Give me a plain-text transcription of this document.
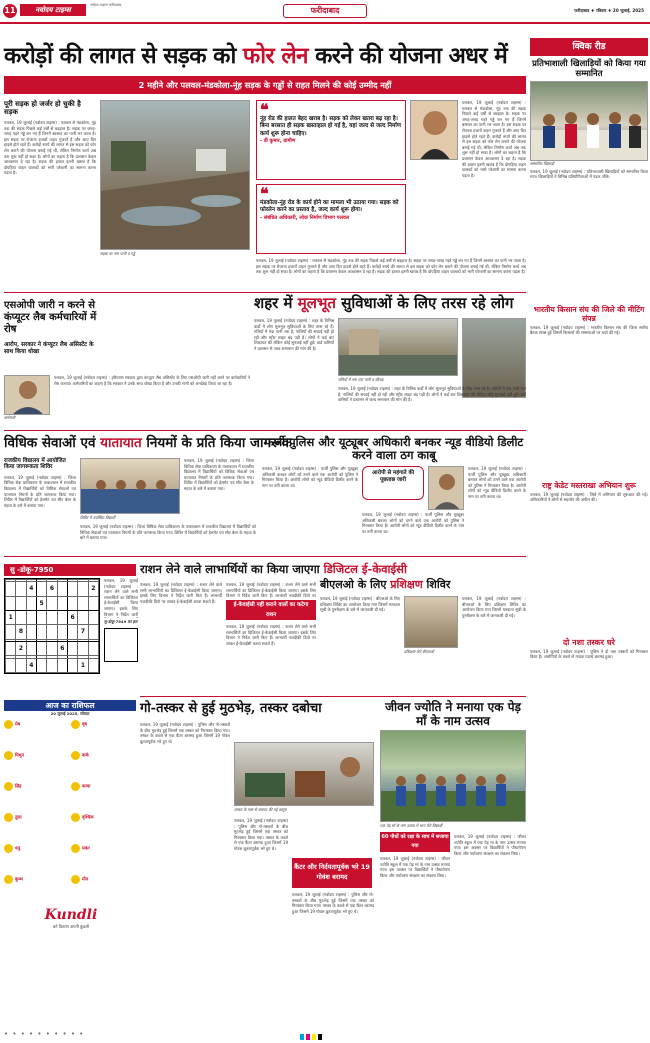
11	नवोदय टाइम्स
नवोदय टाइम्स फरीदाबाद
फरीदाबाद	फरीदाबाद ♦ रविवार ♦ 20 जुलाई, 2025
करोड़ों की लागत से सड़क को फोर लेन करने की योजना अधर में
2 महीने और पलवल-मंडकोला-नूंह सड़क के गड्ढों से राहत मिलने की कोई उम्मीद नहीं
पूरी सड़क हो जर्जर हो चुकी है सड़क
पलवल, 19 जुलाई (नवोदय टाइम्स) : पलवल से मंडकोला, नूंह तक की सड़क पिछले कई वर्षों से बदहाल है। सड़क पर जगह-जगह गहरे गड्ढे बन गए हैं जिनमें बरसात का पानी भर जाता है। इस सड़क पर रोजाना हजारों वाहन गुजरते हैं और आए दिन हादसे होते रहते हैं। करोड़ों रुपये की लागत से इस सड़क को फोर लेन बनाने की योजना बनाई गई थी, लेकिन निर्माण कार्य अब तक शुरू नहीं हो सका है। लोगों का कहना है कि प्रशासन केवल आश्वासन दे रहा है। सड़क की हालत इतनी खराब है कि दोपहिया वाहन चालकों को भारी परेशानी का सामना करना पड़ता है।
सड़क पर भरा पानी व गड्ढे
❝
नूंह रोड की हालत बेहद खराब है। सड़क को लेकर खतरा बढ़ रहा है। बिना बरसात ही सड़क खस्ताहाल हो गई है, यहां जल्द से जल्द निर्माण कार्य शुरू होना चाहिए।
- डी कुमार, ग्रामीण
❝
मंडकोला-नूंह रोड के कार्य होने का मामला भी उठाया गया। सड़क को फोरलेन करने का प्रस्ताव है, जल्द कार्य शुरू होगा।
- संबंधित अधिकारी, लोक निर्माण विभाग पलवल
पलवल, 19 जुलाई (नवोदय टाइम्स) : पलवल से मंडकोला, नूंह तक की सड़क पिछले कई वर्षों से बदहाल है। सड़क पर जगह-जगह गहरे गड्ढे बन गए हैं जिनमें बरसात का पानी भर जाता है। इस सड़क पर रोजाना हजारों वाहन गुजरते हैं और आए दिन हादसे होते रहते हैं। करोड़ों रुपये की लागत से इस सड़क को फोर लेन बनाने की योजना बनाई गई थी, लेकिन निर्माण कार्य अब तक शुरू नहीं हो सका है। लोगों का कहना है कि प्रशासन केवल आश्वासन दे रहा है। सड़क की हालत इतनी खराब है कि दोपहिया वाहन चालकों को भारी परेशानी का सामना करना पड़ता है।
पलवल, 19 जुलाई (नवोदय टाइम्स) : पलवल से मंडकोला, नूंह तक की सड़क पिछले कई वर्षों से बदहाल है। सड़क पर जगह-जगह गहरे गड्ढे बन गए हैं जिनमें बरसात का पानी भर जाता है। इस सड़क पर रोजाना हजारों वाहन गुजरते हैं और आए दिन हादसे होते रहते हैं। करोड़ों रुपये की लागत से इस सड़क को फोर लेन बनाने की योजना बनाई गई थी, लेकिन निर्माण कार्य अब तक शुरू नहीं हो सका है। लोगों का कहना है कि प्रशासन केवल आश्वासन दे रहा है। सड़क की हालत इतनी खराब है कि दोपहिया वाहन चालकों को भारी परेशानी का सामना करना पड़ता है।
क्विक रीड
प्रतिभाशाली खिलाड़ियों को किया गया सम्मानित
सम्मानित खिलाड़ी
पलवल, 19 जुलाई (नवोदय टाइम्स) : प्रतिभाशाली खिलाड़ियों को सम्मानित किया गया। खिलाड़ियों ने विभिन्न प्रतियोगिताओं में पदक जीते।
भारतीय किसान संघ की जिले की मीटिंग संपन्न
पलवल, 19 जुलाई (नवोदय टाइम्स) : भारतीय किसान संघ की जिला स्तरीय बैठक संपन्न हुई जिसमें किसानों की समस्याओं पर चर्चा की गई।
राष्ट्र केडेट मस्तराखा अभियान शुरू
पलवल, 19 जुलाई (नवोदय टाइम्स) : जिले में अभियान की शुरुआत की गई। अधिकारियों ने लोगों से सहयोग की अपील की।
दो नशा तस्कर धरे
पलवल, 19 जुलाई (नवोदय टाइम्स) : पुलिस ने दो नशा तस्करों को गिरफ्तार किया है। आरोपियों के कब्जे से मादक पदार्थ बरामद हुआ।
एसओपी जारी न करने से कंप्यूटर लैब कर्मचारियों में रोष
आरोप, सरकार ने कंप्यूटर लैब असिस्टेंट के साथ किया धोखा
कर्मचारी
पलवल, 19 जुलाई (नवोदय टाइम्स) : हरियाणा सरकार द्वारा कंप्यूटर लैब असिस्टेंट के लिए एसओपी जारी नहीं करने पर कर्मचारियों ने रोष जताया। कर्मचारियों का कहना है कि सरकार ने उनके साथ धोखा किया है और उनकी मांगों को अनदेखा किया जा रहा है।
शहर में मूलभूत सुविधाओं के लिए तरस रहे लोग
पलवल, 19 जुलाई (नवोदय टाइम्स) : शहर के विभिन्न वार्डों में लोग मूलभूत सुविधाओं के लिए तरस रहे हैं। गलियों में गंदा पानी भरा है, नालियों की सफाई नहीं हो रही और स्ट्रीट लाइट बंद पड़ी हैं। लोगों ने कई बार शिकायत की लेकिन कोई सुनवाई नहीं हुई। वार्ड वासियों ने प्रशासन से जल्द समाधान की मांग की है।
गलियों में भरा गंदा पानी व कीचड़
पलवल, 19 जुलाई (नवोदय टाइम्स) : शहर के विभिन्न वार्डों में लोग मूलभूत सुविधाओं के लिए तरस रहे हैं। गलियों में गंदा पानी भरा है, नालियों की सफाई नहीं हो रही और स्ट्रीट लाइट बंद पड़ी हैं। लोगों ने कई बार शिकायत की लेकिन कोई सुनवाई नहीं हुई। वार्ड वासियों ने प्रशासन से जल्द समाधान की मांग की है।
विधिक सेवाओं एवं यातायात नियमों के प्रति किया जागरूक
राजकीय विद्यालय में आयोजित किया जागरूकता शिविर
पलवल, 19 जुलाई (नवोदय टाइम्स) : जिला विधिक सेवा प्राधिकरण के तत्वावधान में राजकीय विद्यालय में विद्यार्थियों को विधिक सेवाओं एवं यातायात नियमों के प्रति जागरूक किया गया। शिविर में विद्यार्थियों को हेलमेट एवं सीट बेल्ट के महत्व के बारे में बताया गया।
शिविर में उपस्थित विद्यार्थी
पलवल, 19 जुलाई (नवोदय टाइम्स) : जिला विधिक सेवा प्राधिकरण के तत्वावधान में राजकीय विद्यालय में विद्यार्थियों को विधिक सेवाओं एवं यातायात नियमों के प्रति जागरूक किया गया। शिविर में विद्यार्थियों को हेलमेट एवं सीट बेल्ट के महत्व के बारे में बताया गया।
पलवल, 19 जुलाई (नवोदय टाइम्स) : जिला विधिक सेवा प्राधिकरण के तत्वावधान में राजकीय विद्यालय में विद्यार्थियों को विधिक सेवाओं एवं यातायात नियमों के प्रति जागरूक किया गया। शिविर में विद्यार्थियों को हेलमेट एवं सीट बेल्ट के महत्व के बारे में बताया गया।
फर्जी पुलिस और यूट्यूबर अधिकारी बनकर न्यूड वीडियो डिलीट करने वाला ठग काबू
पलवल, 19 जुलाई (नवोदय टाइम्स) : फर्जी पुलिस और यूट्यूबर अधिकारी बनकर लोगों को ठगने वाले एक आरोपी को पुलिस ने गिरफ्तार किया है। आरोपी लोगों को न्यूड वीडियो डिलीट करने के नाम पर ठगी करता था।
आरोपी से महंगाते की पूछताछ जारी
पलवल, 19 जुलाई (नवोदय टाइम्स) : फर्जी पुलिस और यूट्यूबर अधिकारी बनकर लोगों को ठगने वाले एक आरोपी को पुलिस ने गिरफ्तार किया है। आरोपी लोगों को न्यूड वीडियो डिलीट करने के नाम पर ठगी करता था।
पलवल, 19 जुलाई (नवोदय टाइम्स) : फर्जी पुलिस और यूट्यूबर अधिकारी बनकर लोगों को ठगने वाले एक आरोपी को पुलिस ने गिरफ्तार किया है। आरोपी लोगों को न्यूड वीडियो डिलीट करने के नाम पर ठगी करता था।
सु -डोकू-7950

		4		6				2
			5					
1						6		
	8						7	

	2				6			

		4					1	
पलवल, 19 जुलाई (नवोदय टाइम्स) : राशन लेने वाले सभी लाभार्थियों का डिजिटल ई-केवाईसी किया जाएगा। इसके लिए विभाग ने निर्देश जारी
सु-डोकू-7949 का हल
राशन लेने वाले लाभार्थियों का किया जाएगा डिजिटल ई-केवाईसी
पलवल, 19 जुलाई (नवोदय टाइम्स) : राशन लेने वाले सभी लाभार्थियों का डिजिटल ई-केवाईसी किया जाएगा। इसके लिए विभाग ने निर्देश जारी किए हैं। लाभार्थी नजदीकी डिपो पर जाकर ई-केवाईसी करवा सकते हैं।
ई-केवाईसी नहीं कराने वालों का कटेगा राशन
पलवल, 19 जुलाई (नवोदय टाइम्स) : राशन लेने वाले सभी लाभार्थियों का डिजिटल ई-केवाईसी किया जाएगा। इसके लिए विभाग ने निर्देश जारी किए हैं। लाभार्थी नजदीकी डिपो पर
पलवल, 19 जुलाई (नवोदय टाइम्स) : राशन लेने वाले सभी लाभार्थियों का डिजिटल ई-केवाईसी किया जाएगा। इसके लिए विभाग ने निर्देश जारी किए हैं। लाभार्थी नजदीकी डिपो पर जाकर ई-केवाईसी करवा सकते हैं।
बीएलओ के लिए प्रशिक्षण शिविर
पलवल, 19 जुलाई (नवोदय टाइम्स) : बीएलओ के लिए प्रशिक्षण शिविर का आयोजन किया गया जिसमें मतदाता सूची के पुनरीक्षण के बारे में जानकारी दी गई।
प्रशिक्षण लेते बीएलओ
पलवल, 19 जुलाई (नवोदय टाइम्स) : बीएलओ के लिए प्रशिक्षण शिविर का आयोजन किया गया जिसमें मतदाता सूची के पुनरीक्षण के बारे में जानकारी दी गई।
आज का राशिफल
20 जुलाई 2025, रविवार
मेष	वृष
मिथुन	कर्क
सिंह	कन्या
तुला	वृश्चिक
धनु	मकर
कुम्भ	मीन
Kundli
बने दिव्यांग अपनी कुंडली
गो-तस्कर से हुई मुठभेड़, तस्कर दबोचा
पलवल, 19 जुलाई (नवोदय टाइम्स) : पुलिस और गो-तस्करों के बीच मुठभेड़ हुई जिसमें एक तस्कर को गिरफ्तार किया गया। तस्कर के कब्जे से एक कैंटर बरामद हुआ जिसमें 19 गोवंश क्रूरतापूर्वक भरे हुए थे।
तस्कर के पास से बरामद की गई वस्तुएं
कैंटर और निर्दयतापूर्वक भरे 19 गोवंश बरामद
पलवल, 19 जुलाई (नवोदय टाइम्स) : पुलिस और गो-तस्करों के बीच मुठभेड़ हुई जिसमें एक तस्कर को गिरफ्तार किया गया। तस्कर के कब्जे से एक कैंटर बरामद हुआ जिसमें 19 गोवंश क्रूरतापूर्वक भरे हुए थे।
पलवल, 19 जुलाई (नवोदय टाइम्स) : पुलिस और गो-तस्करों के बीच मुठभेड़ हुई जिसमें एक तस्कर को गिरफ्तार किया गया। तस्कर के कब्जे से एक कैंटर बरामद हुआ जिसमें 19 गोवंश क्रूरतापूर्वक भरे हुए थे।
जीवन ज्योति ने मनाया एक पेड़ माँ के नाम उत्सव
एक पेड़ माँ के नाम उत्सव में भाग लेते विद्यार्थी
60 पौधों को रक्षा के साथ में सजाया गया
पलवल, 19 जुलाई (नवोदय टाइम्स) : जीवन ज्योति स्कूल में एक पेड़ मां के नाम उत्सव मनाया गया। इस अवसर पर विद्यार्थियों ने पौधारोपण किया और पर्यावरण संरक्षण का संकल्प लिया।
पलवल, 19 जुलाई (नवोदय टाइम्स) : जीवन ज्योति स्कूल में एक पेड़ मां के नाम उत्सव मनाया गया। इस अवसर पर विद्यार्थियों ने पौधारोपण किया और पर्यावरण संरक्षण का संकल्प लिया।
• • • • • • • • • •
